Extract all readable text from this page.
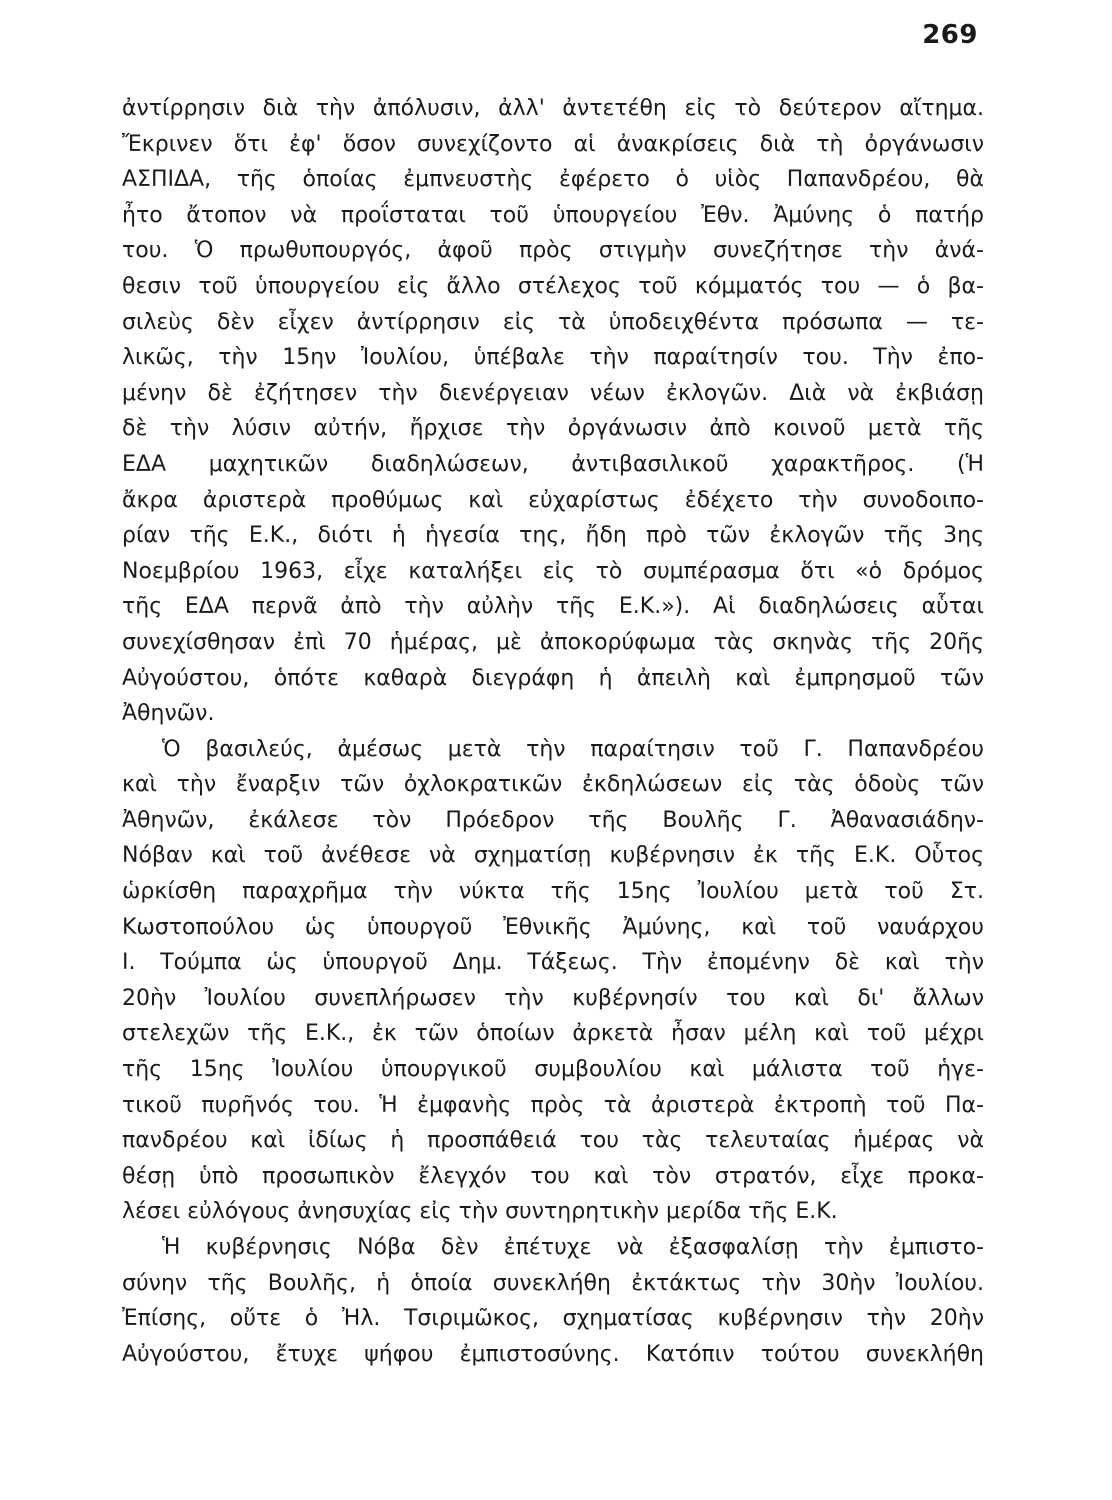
269
ἀντίρρησιν διὰ τὴν ἀπόλυσιν, ἀλλ' ἀντετέθη εἰς τὸ δεύτερον αἴτημα.
Ἔκρινεν ὅτι ἐφ' ὅσον συνεχίζοντο αἱ ἀνακρίσεις διὰ τὴ ὀργάνωσιν
ΑΣΠΙΔΑ, τῆς ὁποίας ἐμπνευστὴς ἐφέρετο ὁ υἱὸς Παπανδρέου, θὰ
ἦτο ἄτοπον νὰ προΐσταται τοῦ ὑπουργείου Ἐθν. Ἀμύνης ὁ πατήρ
του. Ὁ πρωθυπουργός, ἀφοῦ πρὸς στιγμὴν συνεζήτησε τὴν ἀνά-
θεσιν τοῦ ὑπουργείου εἰς ἄλλο στέλεχος τοῦ κόμματός του — ὁ βα-
σιλεὺς δὲν εἶχεν ἀντίρρησιν εἰς τὰ ὑποδειχθέντα πρόσωπα — τε-
λικῶς, τὴν 15ην Ἰουλίου, ὑπέβαλε τὴν παραίτησίν του. Τὴν ἐπο-
μένην δὲ ἐζήτησεν τὴν διενέργειαν νέων ἐκλογῶν. Διὰ νὰ ἐκβιάσῃ
δὲ τὴν λύσιν αὐτήν, ἤρχισε τὴν ὀργάνωσιν ἀπὸ κοινοῦ μετὰ τῆς
ΕΔΑ μαχητικῶν διαδηλώσεων, ἀντιβασιλικοῦ χαρακτῆρος. (Ἡ
ἄκρα ἀριστερὰ προθύμως καὶ εὐχαρίστως ἐδέχετο τὴν συνοδοιπο-
ρίαν τῆς Ε.Κ., διότι ἡ ἡγεσία της, ἤδη πρὸ τῶν ἐκλογῶν τῆς 3ης
Νοεμβρίου 1963, εἶχε καταλήξει εἰς τὸ συμπέρασμα ὅτι «ὁ δρόμος
τῆς ΕΔΑ περνᾶ ἀπὸ τὴν αὐλὴν τῆς Ε.Κ.»). Αἱ διαδηλώσεις αὗται
συνεχίσθησαν ἐπὶ 70 ἡμέρας, μὲ ἀποκορύφωμα τὰς σκηνὰς τῆς 20ῆς
Αὐγούστου, ὁπότε καθαρὰ διεγράφη ἡ ἀπειλὴ καὶ ἐμπρησμοῦ τῶν
Ἀθηνῶν.
Ὁ βασιλεύς, ἀμέσως μετὰ τὴν παραίτησιν τοῦ Γ. Παπανδρέου
καὶ τὴν ἔναρξιν τῶν ὀχλοκρατικῶν ἐκδηλώσεων εἰς τὰς ὁδοὺς τῶν
Ἀθηνῶν, ἐκάλεσε τὸν Πρόεδρον τῆς Βουλῆς Γ. Ἀθανασιάδην-
Νόβαν καὶ τοῦ ἀνέθεσε νὰ σχηματίσῃ κυβέρνησιν ἐκ τῆς Ε.Κ. Οὗτος
ὡρκίσθη παραχρῆμα τὴν νύκτα τῆς 15ης Ἰουλίου μετὰ τοῦ Στ.
Κωστοπούλου ὡς ὑπουργοῦ Ἐθνικῆς Ἀμύνης, καὶ τοῦ ναυάρχου
Ι. Τούμπα ὡς ὑπουργοῦ Δημ. Τάξεως. Τὴν ἐπομένην δὲ καὶ τὴν
20ὴν Ἰουλίου συνεπλήρωσεν τὴν κυβέρνησίν του καὶ δι' ἄλλων
στελεχῶν τῆς Ε.Κ., ἐκ τῶν ὁποίων ἀρκετὰ ἦσαν μέλη καὶ τοῦ μέχρι
τῆς 15ης Ἰουλίου ὑπουργικοῦ συμβουλίου καὶ μάλιστα τοῦ ἡγε-
τικοῦ πυρῆνός του. Ἡ ἐμφανὴς πρὸς τὰ ἀριστερὰ ἐκτροπὴ τοῦ Πα-
πανδρέου καὶ ἰδίως ἡ προσπάθειά του τὰς τελευταίας ἡμέρας νὰ
θέσῃ ὑπὸ προσωπικὸν ἔλεγχόν του καὶ τὸν στρατόν, εἶχε προκα-
λέσει εὐλόγους ἀνησυχίας εἰς τὴν συντηρητικὴν μερίδα τῆς Ε.Κ.
Ἡ κυβέρνησις Νόβα δὲν ἐπέτυχε νὰ ἐξασφαλίσῃ τὴν ἐμπιστο-
σύνην τῆς Βουλῆς, ἡ ὁποία συνεκλήθη ἐκτάκτως τὴν 30ὴν Ἰουλίου.
Ἐπίσης, οὔτε ὁ Ἠλ. Τσιριμῶκος, σχηματίσας κυβέρνησιν τὴν 20ὴν
Αὐγούστου, ἔτυχε ψήφου ἐμπιστοσύνης. Κατόπιν τούτου συνεκλήθη
